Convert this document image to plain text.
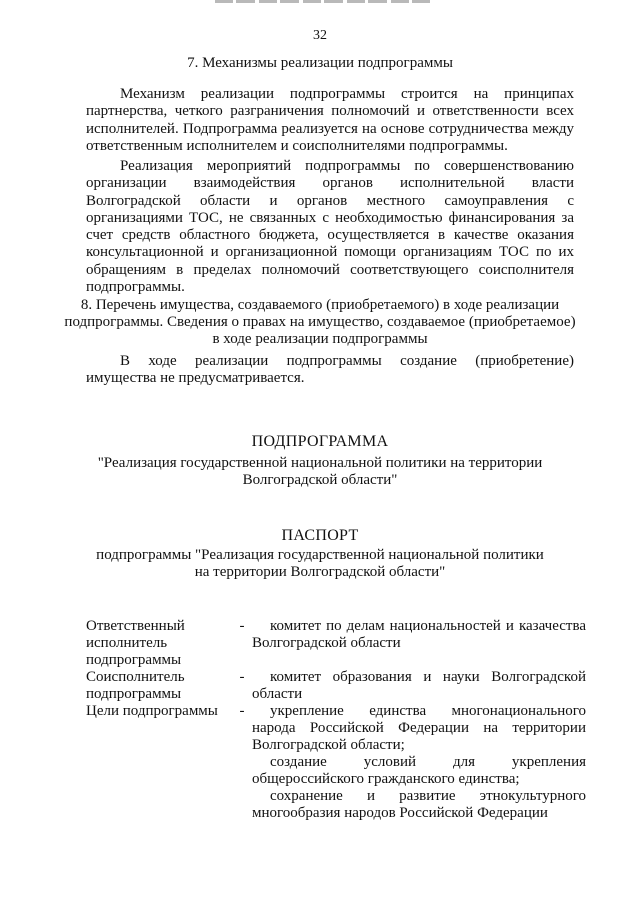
32
7. Механизмы реализации подпрограммы

Механизм реализации подпрограммы строится на принципах партнерства, четкого разграничения полномочий и ответственности всех исполнителей. Подпрограмма реализуется на основе сотрудничества между ответственным исполнителем и соисполнителями подпрограммы.

Реализация мероприятий подпрограммы по совершенствованию организации взаимодействия органов исполнительной власти Волгоградской области и органов местного самоуправления с организациями ТОС, не связанных с необходимостью финансирования за счет средств областного бюджета, осуществляется в качестве оказания консультационной и организационной помощи организациям ТОС по их обращениям в пределах полномочий соответствующего соисполнителя подпрограммы.

8. Перечень имущества, создаваемого (приобретаемого) в ходе реализации
подпрограммы. Сведения о правах на имущество, создаваемое (приобретаемое)
в ходе реализации подпрограммы

В ходе реализации подпрограммы создание (приобретение) имущества не предусматривается.

ПОДПРОГРАММА
"Реализация государственной национальной политики на территории
Волгоградской области"
ПАСПОРТ
подпрограммы "Реализация государственной национальной политики
на территории Волгоградской области"
Ответственный исполнитель подпрограммы	-	комитет по делам национальностей и казачества Волгоградской области

Соисполнитель подпрограммы	-	комитет образования и науки Волгоградской области

Цели подпрограммы	-	укрепление единства многонационального народа Российской Федерации на территории Волгоградской области;

создание условий для укрепления общероссийского гражданского единства;

сохранение и развитие этнокультурного многообразия народов Российской Федерации
